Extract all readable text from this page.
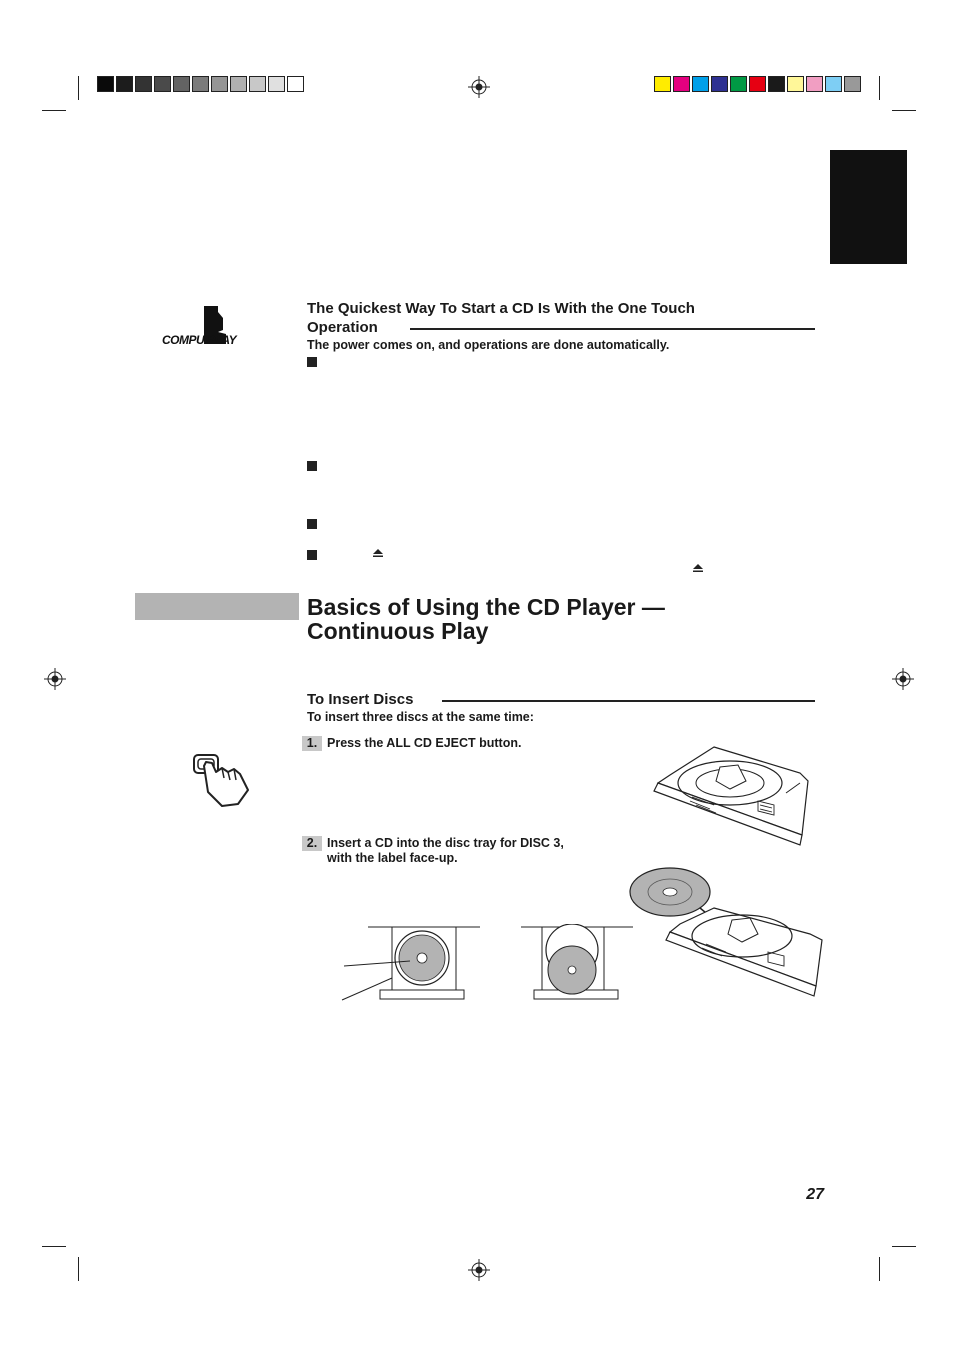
COMPU PLAY
The Quickest Way To Start a CD Is With the One Touch
Operation
The power comes on, and operations are done automatically.
Basics of Using the CD Player —
Continuous Play
To Insert Discs
To insert three discs at the same time:
1. Press the ALL CD EJECT button.
2. Insert a CD into the disc tray for DISC 3,
with the label face-up.
27
